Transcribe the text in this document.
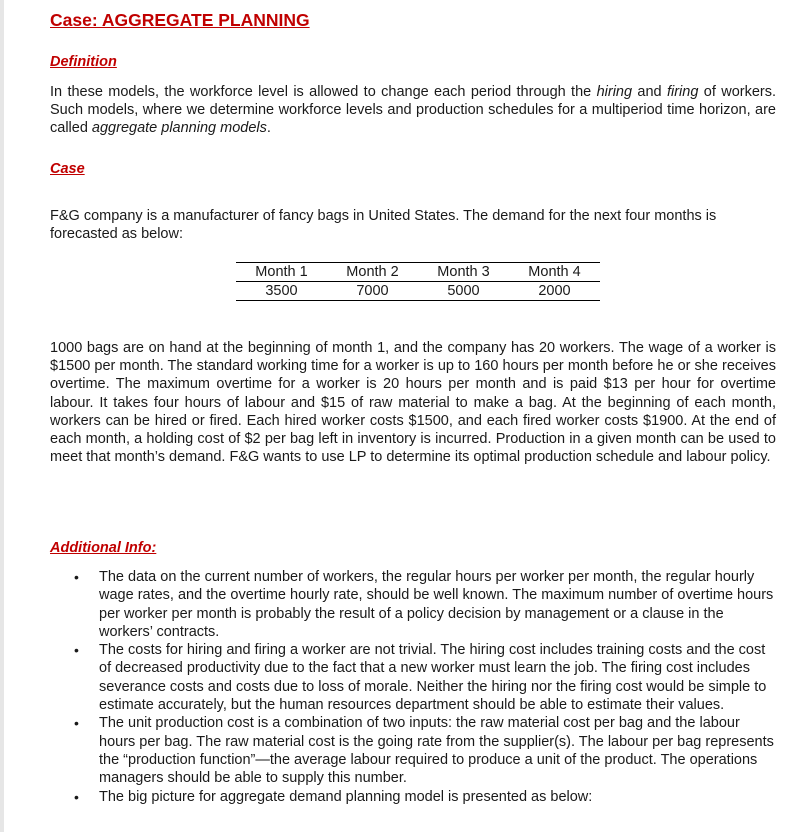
Case: AGGREGATE PLANNING
Definition

In these models, the workforce level is allowed to change each period through the hiring and firing of workers. Such models, where we determine workforce levels and production schedules for a multiperiod time horizon, are called aggregate planning models.

Case

F&G company is a manufacturer of fancy bags in United States. The demand for the next four months is forecasted as below:

Month 1	Month 2	Month 3	Month 4
3500	7000	5000	2000

1000 bags are on hand at the beginning of month 1, and the company has 20 workers. The wage of a worker is $1500 per month. The standard working time for a worker is up to 160 hours per month before he or she receives overtime. The maximum overtime for a worker is 20 hours per month and is paid $13 per hour for overtime labour. It takes four hours of labour and $15 of raw material to make a bag. At the beginning of each month, workers can be hired or fired. Each hired worker costs $1500, and each fired worker costs $1900. At the end of each month, a holding cost of $2 per bag left in inventory is incurred. Production in a given month can be used to meet that month’s demand. F&G wants to use LP to determine its optimal production schedule and labour policy.

Additional Info:
• The data on the current number of workers, the regular hours per worker per month, the regular hourly wage rates, and the overtime hourly rate, should be well known. The maximum number of overtime hours per worker per month is probably the result of a policy decision by management or a clause in the workers’ contracts.
• The costs for hiring and firing a worker are not trivial. The hiring cost includes training costs and the cost of decreased productivity due to the fact that a new worker must learn the job. The firing cost includes severance costs and costs due to loss of morale. Neither the hiring nor the firing cost would be simple to estimate accurately, but the human resources department should be able to estimate their values.
• The unit production cost is a combination of two inputs: the raw material cost per bag and the labour hours per bag. The raw material cost is the going rate from the supplier(s). The labour per bag represents the “production function”—the average labour required to produce a unit of the product. The operations managers should be able to supply this number.
• The big picture for aggregate demand planning model is presented as below:
